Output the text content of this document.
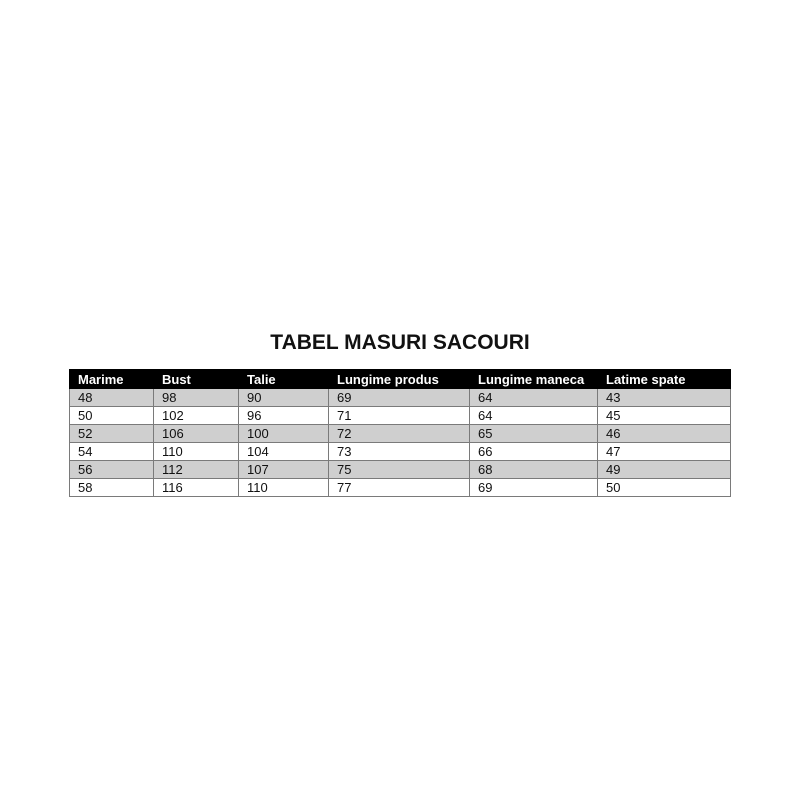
TABEL MASURI SACOURI
Marime	Bust	Talie	Lungime produs	Lungime maneca	Latime spate
48	98	90	69	64	43
50	102	96	71	64	45
52	106	100	72	65	46
54	110	104	73	66	47
56	112	107	75	68	49
58	116	110	77	69	50
